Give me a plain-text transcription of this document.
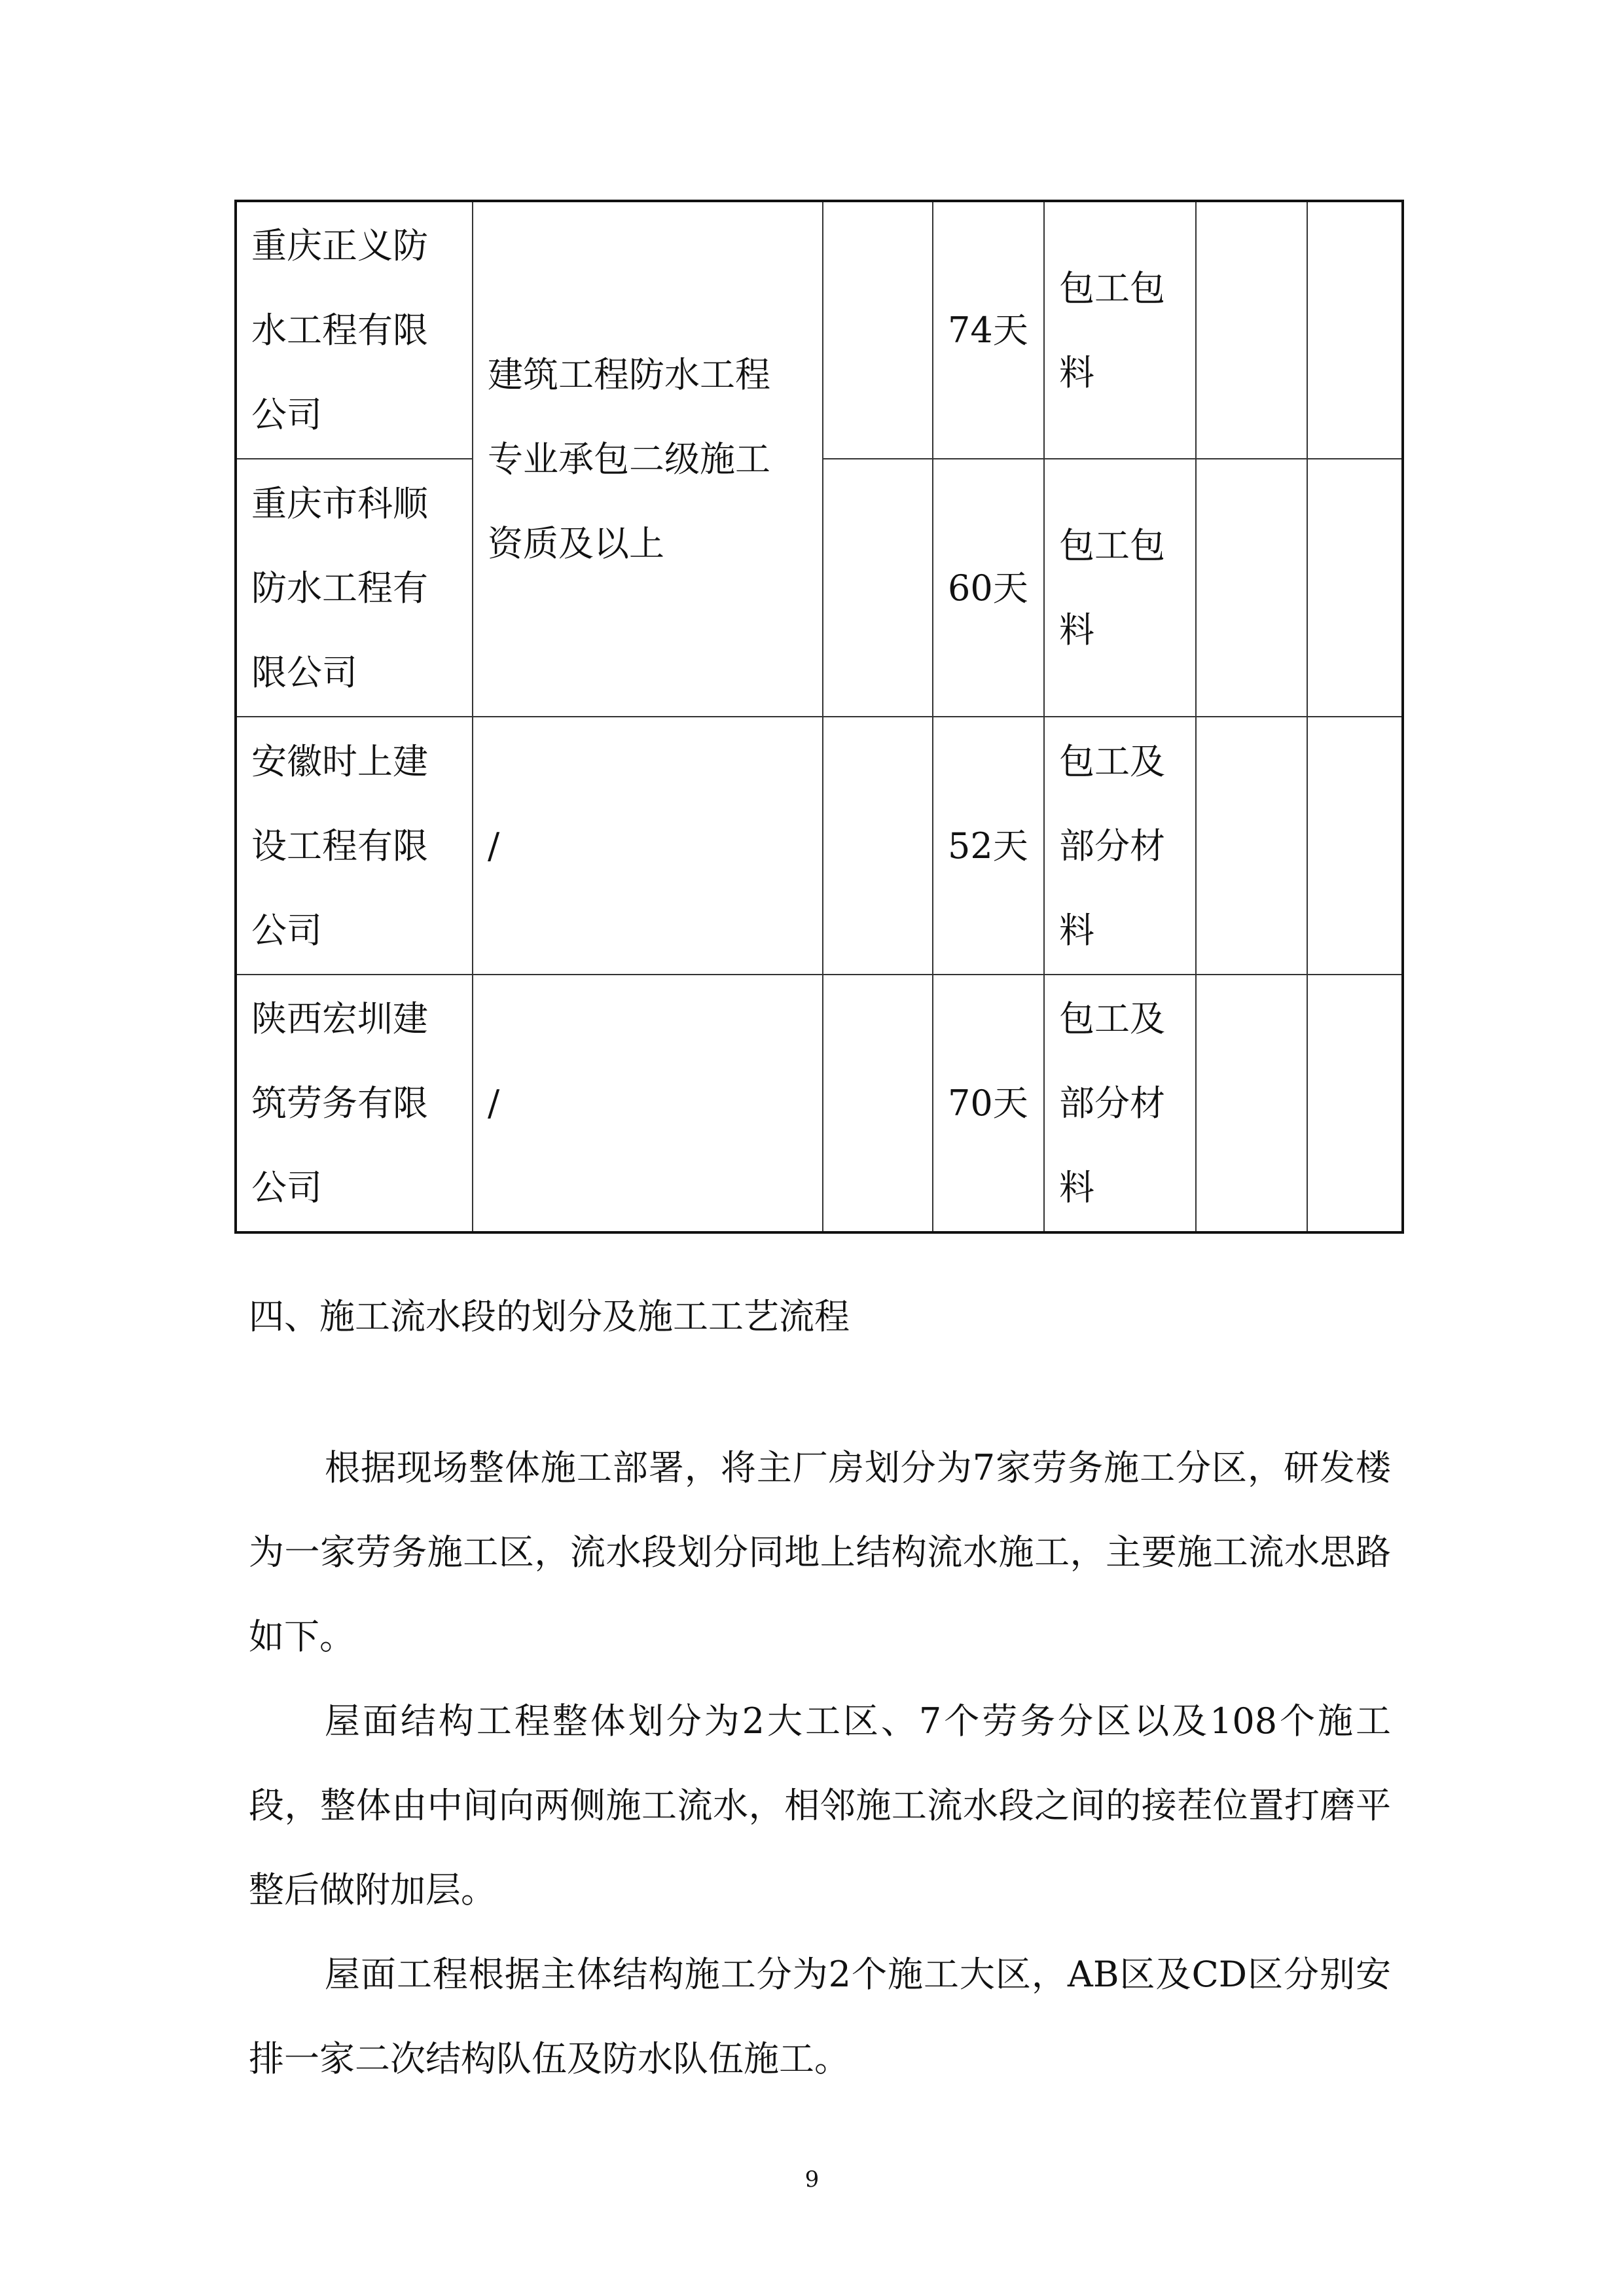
重庆正义防
水工程有限
公司	建筑工程防水工程
专业承包二级施工
资质及以上		74天	包工包
料		

重庆市科顺
防水工程有
限公司			60天	包工包
料		

安徽时上建
设工程有限
公司	/		52天	包工及
部分材
料		

陕西宏圳建
筑劳务有限
公司	/		70天	包工及
部分材
料		

四、施工流水段的划分及施工工艺流程

根据现场整体施工部署，将主厂房划分为7家劳务施工分区，研发楼为一家劳务施工区，流水段划分同地上结构流水施工，主要施工流水思路如下。

屋面结构工程整体划分为2大工区、7个劳务分区以及108个施工段，整体由中间向两侧施工流水，相邻施工流水段之间的接茬位置打磨平整后做附加层。

屋面工程根据主体结构施工分为2个施工大区，AB区及CD区分别安排一家二次结构队伍及防水队伍施工。

9
